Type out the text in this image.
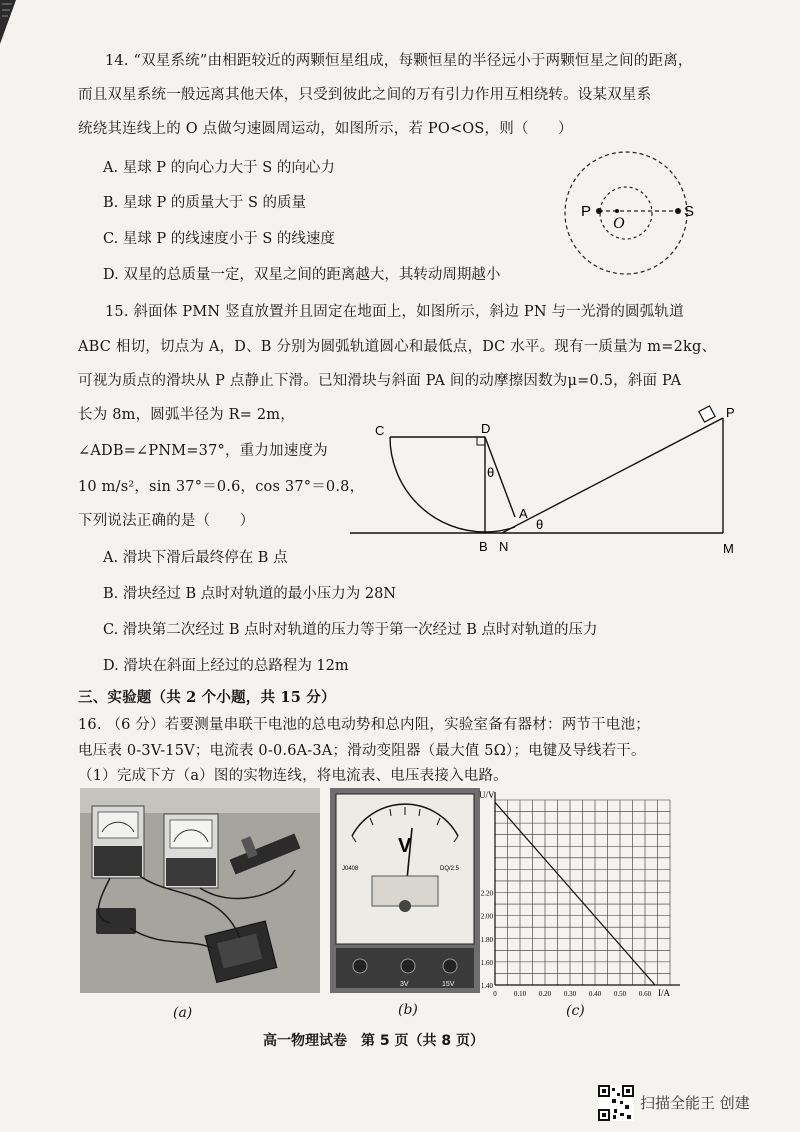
14. “双星系统”由相距较近的两颗恒星组成，每颗恒星的半径远小于两颗恒星之间的距离，
而且双星系统一般远离其他天体，只受到彼此之间的万有引力作用互相绕转。设某双星系
统绕其连线上的 O 点做匀速圆周运动，如图所示，若 PO<OS，则（　　）
A. 星球 P 的向心力大于 S 的向心力
B. 星球 P 的质量大于 S 的质量
C. 星球 P 的线速度小于 S 的线速度
D. 双星的总质量一定，双星之间的距离越大，其转动周期越小
P
O
S
15. 斜面体 PMN 竖直放置并且固定在地面上，如图所示，斜边 PN 与一光滑的圆弧轨道
ABC 相切，切点为 A，D、B 分别为圆弧轨道圆心和最低点，DC 水平。现有一质量为 m=2kg、
可视为质点的滑块从 P 点静止下滑。已知滑块与斜面 PA 间的动摩擦因数为μ=0.5，斜面 PA
长为 8m，圆弧半径为 R= 2m，
∠ADB=∠PNM=37°，重力加速度为
10 m/s²，sin 37°＝0.6，cos 37°＝0.8，
下列说法正确的是（　　）
A. 滑块下滑后最终停在 B 点
B. 滑块经过 B 点时对轨道的最小压力为 28N
C. 滑块第二次经过 B 点时对轨道的压力等于第一次经过 B 点时对轨道的压力
D. 滑块在斜面上经过的总路程为 12m
C	D
θ
A
θ
P
B N	M
三、实验题（共 2 个小题，共 15 分）
16. （6 分）若要测量串联干电池的总电动势和总内阻，实验室备有器材：两节干电池；
电压表 0-3V-15V；电流表 0-0.6A-3A；滑动变阻器（最大值 5Ω）；电键及导线若干。
（1）完成下方（a）图的实物连线，将电流表、电压表接入电路。
V
J0408	DQ/2.5
3V	15V	1.40
1.60
1.80
2.00
2.20
0 0.10 0.20 0.30 0.40 0.50 0.60
U/V
I/A
(a)	(b)	(c)
高一物理试卷　第 5 页（共 8 页）
扫描全能王 创建
